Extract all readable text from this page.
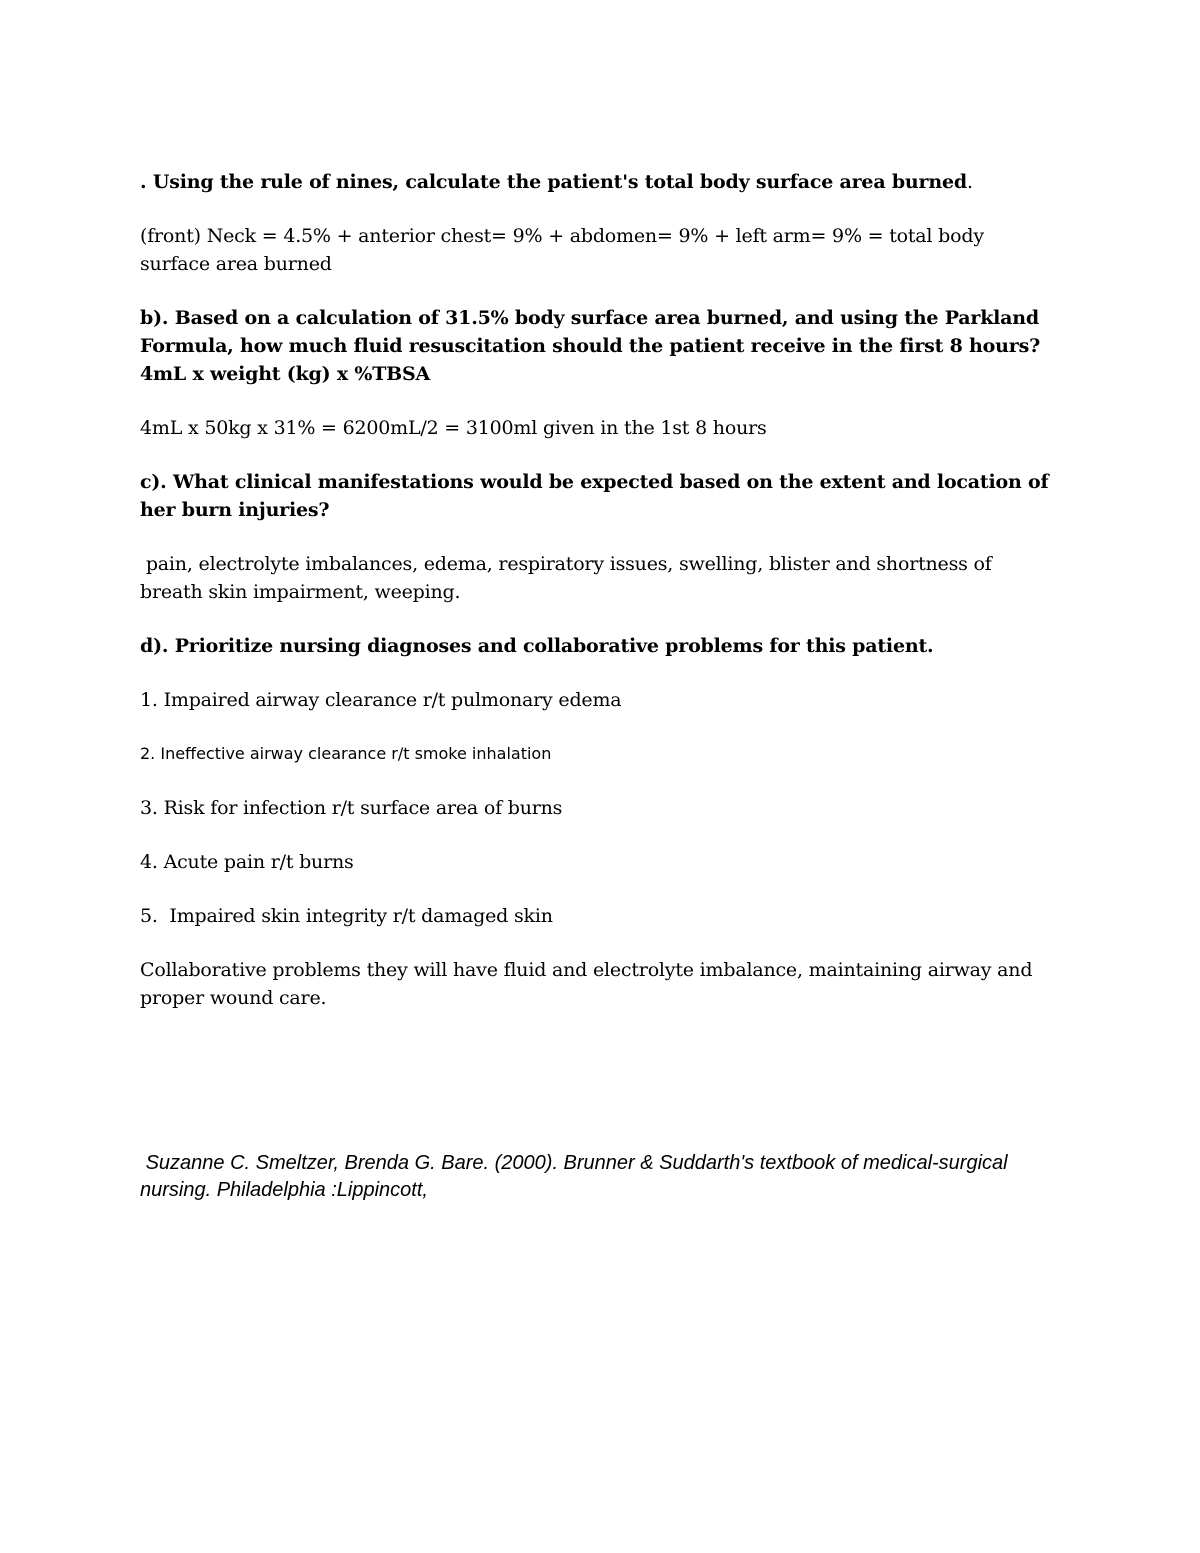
. Using the rule of nines, calculate the patient's total body surface area burned.

(front) Neck = 4.5% + anterior chest= 9% + abdomen= 9% + left arm= 9% = total body surface area burned

b). Based on a calculation of 31.5% body surface area burned, and using the Parkland Formula, how much fluid resuscitation should the patient receive in the first 8 hours? 4mL x weight (kg) x %TBSA

4mL x 50kg x 31% = 6200mL/2 = 3100ml given in the 1st 8 hours

c). What clinical manifestations would be expected based on the extent and location of her burn injuries?

pain, electrolyte imbalances, edema, respiratory issues, swelling, blister and shortness of breath skin impairment, weeping.

d). Prioritize nursing diagnoses and collaborative problems for this patient.

1. Impaired airway clearance r/t pulmonary edema

2. Ineffective airway clearance r/t smoke inhalation

3. Risk for infection r/t surface area of burns

4. Acute pain r/t burns

5.  Impaired skin integrity r/t damaged skin

Collaborative problems they will have fluid and electrolyte imbalance, maintaining airway and proper wound care.

Suzanne C. Smeltzer, Brenda G. Bare. (2000). Brunner & Suddarth's textbook of medical-surgical nursing. Philadelphia :Lippincott,
